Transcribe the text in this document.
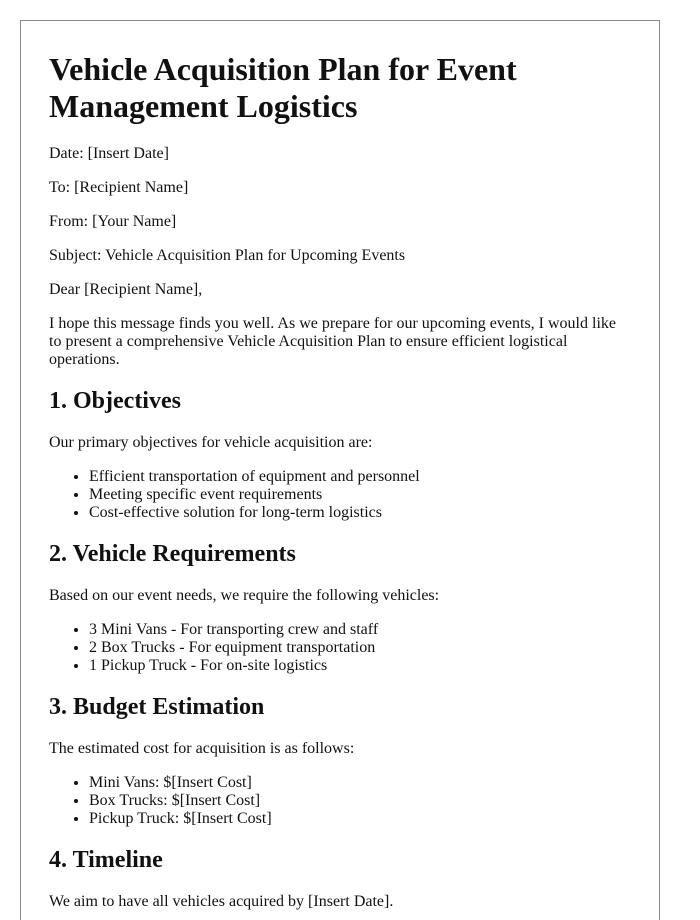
Vehicle Acquisition Plan for Event Management Logistics

Date: [Insert Date]

To: [Recipient Name]

From: [Your Name]

Subject: Vehicle Acquisition Plan for Upcoming Events

Dear [Recipient Name],

I hope this message finds you well. As we prepare for our upcoming events, I would like to present a comprehensive Vehicle Acquisition Plan to ensure efficient logistical operations.

1. Objectives

Our primary objectives for vehicle acquisition are:

• Efficient transportation of equipment and personnel
• Meeting specific event requirements
• Cost-effective solution for long-term logistics
2. Vehicle Requirements

Based on our event needs, we require the following vehicles:

• 3 Mini Vans - For transporting crew and staff
• 2 Box Trucks - For equipment transportation
• 1 Pickup Truck - For on-site logistics
3. Budget Estimation

The estimated cost for acquisition is as follows:

• Mini Vans: $[Insert Cost]
• Box Trucks: $[Insert Cost]
• Pickup Truck: $[Insert Cost]
4. Timeline

We aim to have all vehicles acquired by [Insert Date].
